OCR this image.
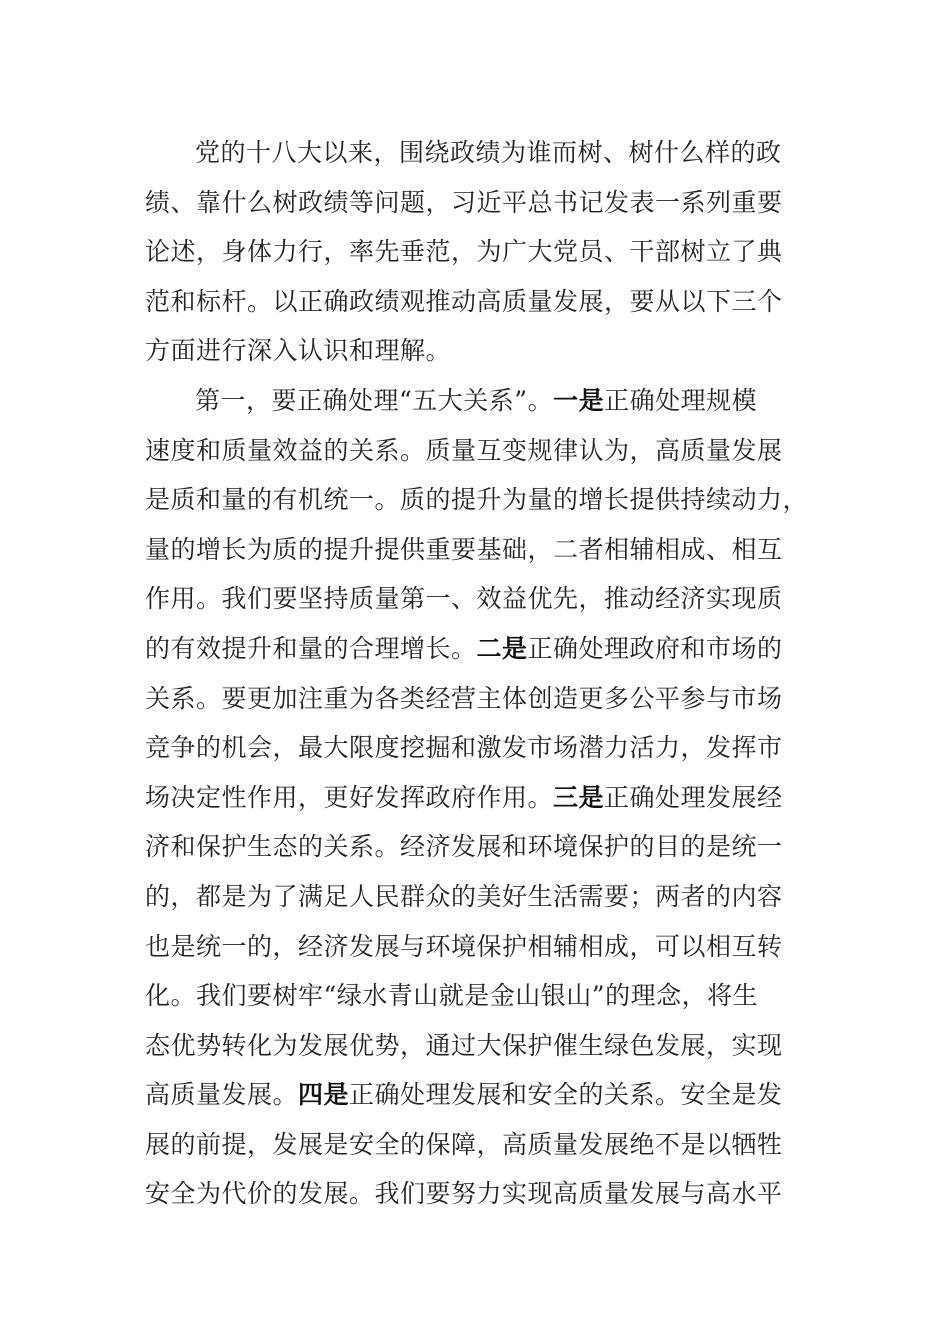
党的十八大以来，围绕政绩为谁而树、树什么样的政
绩、靠什么树政绩等问题，习近平总书记发表一系列重要
论述，身体力行，率先垂范，为广大党员、干部树立了典
范和标杆。以正确政绩观推动高质量发展，要从以下三个
方面进行深入认识和理解。
第一，要正确处理“五大关系”。一是正确处理规模
速度和质量效益的关系。质量互变规律认为，高质量发展
是质和量的有机统一。质的提升为量的增长提供持续动力，
量的增长为质的提升提供重要基础，二者相辅相成、相互
作用。我们要坚持质量第一、效益优先，推动经济实现质
的有效提升和量的合理增长。二是正确处理政府和市场的
关系。要更加注重为各类经营主体创造更多公平参与市场
竞争的机会，最大限度挖掘和激发市场潜力活力，发挥市
场决定性作用，更好发挥政府作用。三是正确处理发展经
济和保护生态的关系。经济发展和环境保护的目的是统一
的，都是为了满足人民群众的美好生活需要；两者的内容
也是统一的，经济发展与环境保护相辅相成，可以相互转
化。我们要树牢“绿水青山就是金山银山”的理念，将生
态优势转化为发展优势，通过大保护催生绿色发展，实现
高质量发展。四是正确处理发展和安全的关系。安全是发
展的前提，发展是安全的保障，高质量发展绝不是以牺牲
安全为代价的发展。我们要努力实现高质量发展与高水平
